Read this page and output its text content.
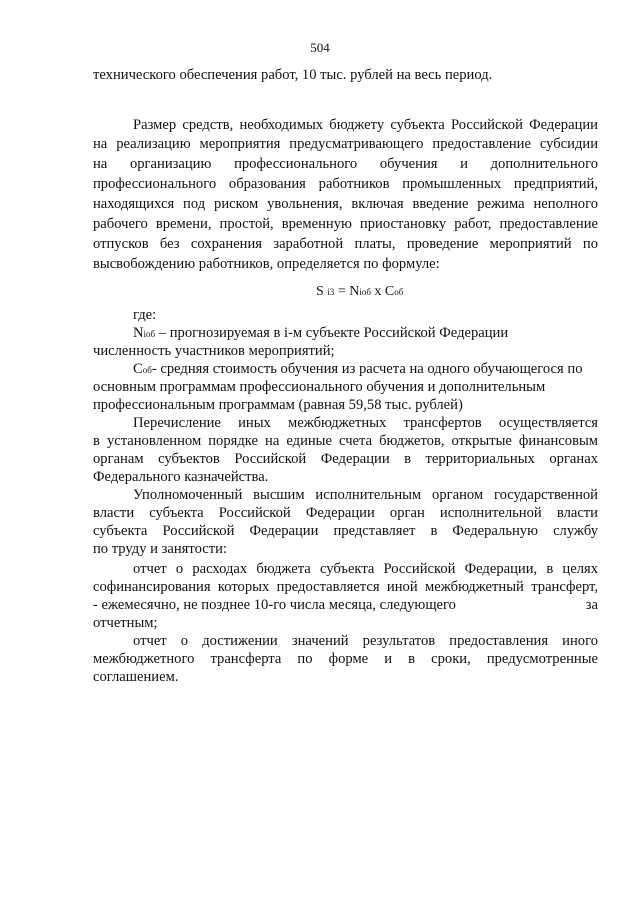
504
технического обеспечения работ, 10 тыс. рублей на весь период.
Размер средств, необходимых бюджету субъекта Российской Федерации
на реализацию мероприятия предусматривающего предоставление субсидии
на организацию профессионального обучения и дополнительного
профессионального образования работников промышленных предприятий,
находящихся под риском увольнения, включая введение режима неполного
рабочего времени, простой, временную приостановку работ, предоставление
отпусков без сохранения заработной платы, проведение мероприятий по
высвобождению работников, определяется по формуле:
S i3 = Niоб x Cоб
где:
Niоб – прогнозируемая в i-м субъекте Российской Федерации
численность участников мероприятий;
Cоб- средняя стоимость обучения из расчета на одного обучающегося по
основным программам профессионального обучения и дополнительным
профессиональным программам (равная 59,58 тыс. рублей)
Перечисление иных межбюджетных трансфертов осуществляется
в установленном порядке на единые счета бюджетов, открытые финансовым
органам субъектов Российской Федерации в территориальных органах
Федерального казначейства.
Уполномоченный высшим исполнительным органом государственной
власти субъекта Российской Федерации орган исполнительной власти
субъекта Российской Федерации представляет в Федеральную службу
по труду и занятости:
отчет о расходах бюджета субъекта Российской Федерации, в целях
софинансирования которых предоставляется иной межбюджетный трансферт,
- ежемесячно, не позднее 10-го числа месяца, следующего	за
отчетным;
отчет о достижении значений результатов предоставления иного
межбюджетного трансферта по форме и в сроки, предусмотренные
соглашением.
